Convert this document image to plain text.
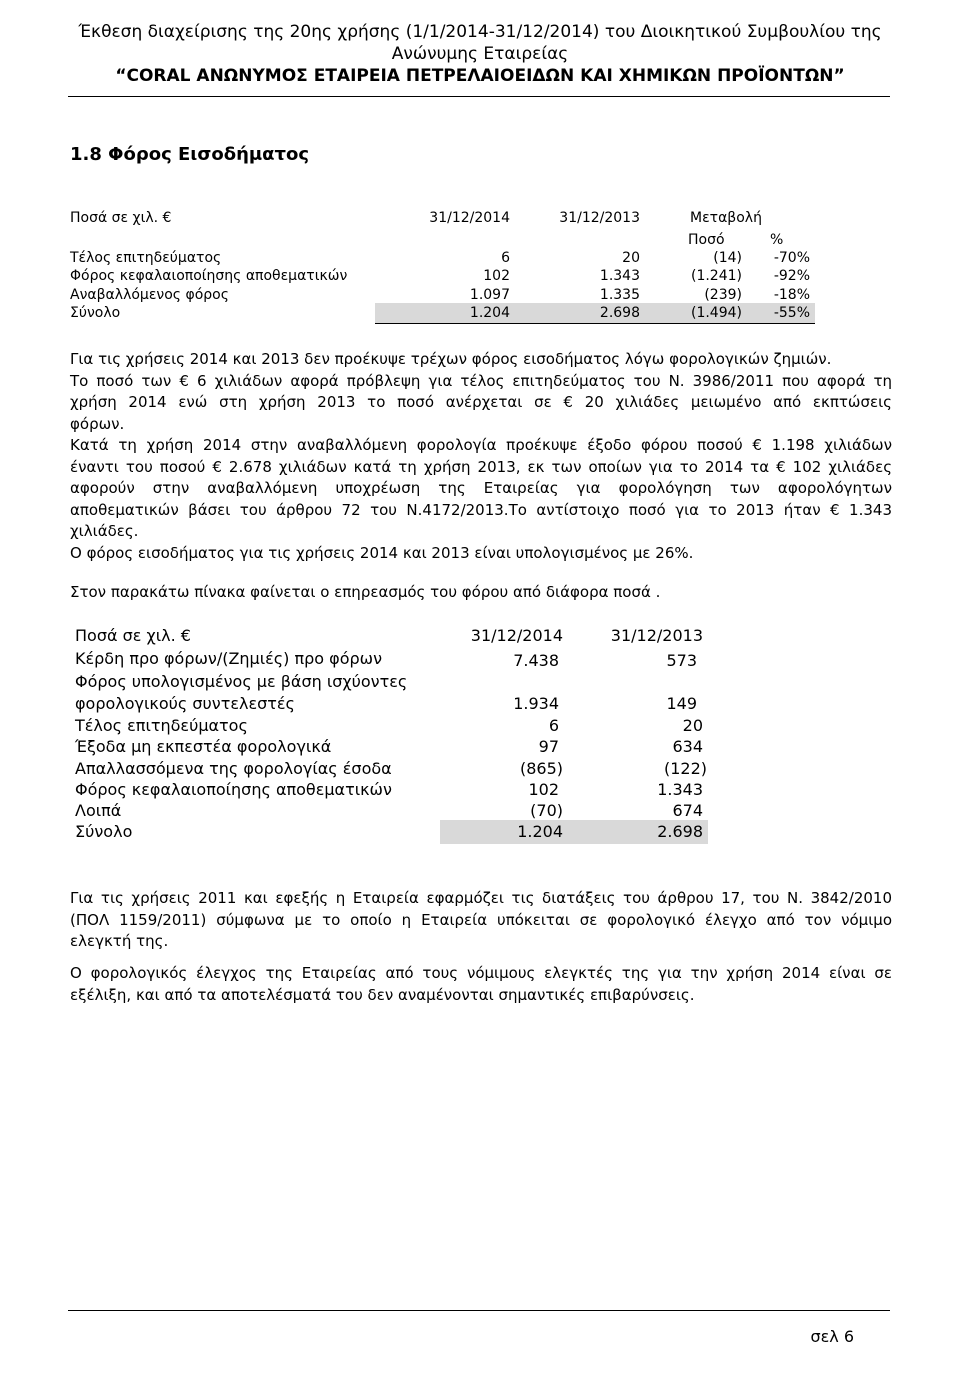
Έκθεση διαχείρισης της 20ης χρήσης (1/1/2014-31/12/2014) του Διοικητικού Συμβουλίου της
Ανώνυμης Εταιρείας
“CORAL ΑΝΩΝΥΜΟΣ ΕΤΑΙΡΕΙΑ ΠΕΤΡΕΛΑΙΟΕΙΔΩΝ ΚΑΙ ΧΗΜΙΚΩΝ ΠΡΟΪΟΝΤΩΝ”
1.8 Φόρος Εισοδήματος
Ποσά σε χιλ. €	31/12/2014	31/12/2013	Μεταβολή
Ποσό	%
Τέλος επιτηδεύματος	6	20	(14)	-70%
Φόρος κεφαλαιοποίησης αποθεματικών	102	1.343	(1.241)	-92%
Αναβαλλόμενος φόρος	1.097	1.335	(239)	-18%
Σύνολο	1.204	2.698	(1.494)	-55%
Για τις χρήσεις 2014 και 2013 δεν προέκυψε τρέχων φόρος εισοδήματος λόγω φορολογικών ζημιών.
Το ποσό των € 6 χιλιάδων αφορά πρόβλεψη για τέλος επιτηδεύματος του Ν. 3986/2011 που αφορά τη
χρήση 2014 ενώ στη χρήση 2013 το ποσό ανέρχεται σε € 20 χιλιάδες μειωμένο από εκπτώσεις
φόρων.
Κατά τη χρήση 2014 στην αναβαλλόμενη φορολογία προέκυψε έξοδο φόρου ποσού € 1.198 χιλιάδων
έναντι του ποσού € 2.678 χιλιάδων κατά τη χρήση 2013, εκ των οποίων για το 2014 τα € 102 χιλιάδες
αφορούν στην αναβαλλόμενη υποχρέωση της Εταιρείας για φορολόγηση των αφορολόγητων
αποθεματικών βάσει του άρθρου 72 του Ν.4172/2013.Το αντίστοιχο ποσό για το 2013 ήταν € 1.343
χιλιάδες.
Ο φόρος εισοδήματος για τις χρήσεις 2014 και 2013 είναι υπολογισμένος με 26%.
Στον παρακάτω πίνακα φαίνεται ο επηρεασμός του φόρου από διάφορα ποσά .
Ποσά σε χιλ. €	31/12/2014	31/12/2013
Κέρδη προ φόρων/(Ζημιές) προ φόρων	7.438	573
Φόρος υπολογισμένος με βάση ισχύοντες
φορολογικούς συντελεστές	1.934	149
Τέλος επιτηδεύματος	6	20
Έξοδα μη εκπεστέα φορολογικά	97	634
Απαλλασσόμενα της φορολογίας έσοδα	(865)	(122)
Φόρος κεφαλαιοποίησης αποθεματικών	102	1.343
Λοιπά	(70)	674
Σύνολο	1.204	2.698
Για τις χρήσεις 2011 και εφεξής η Εταιρεία εφαρμόζει τις διατάξεις του άρθρου 17, του Ν. 3842/2010
(ΠΟΛ 1159/2011) σύμφωνα με το οποίο η Εταιρεία υπόκειται σε φορολογικό έλεγχο από τον νόμιμο
ελεγκτή της.
Ο φορολογικός έλεγχος της Εταιρείας από τους νόμιμους ελεγκτές της για την χρήση 2014 είναι σε
εξέλιξη, και από τα αποτελέσματά του δεν αναμένονται σημαντικές επιβαρύνσεις.
σελ 6
